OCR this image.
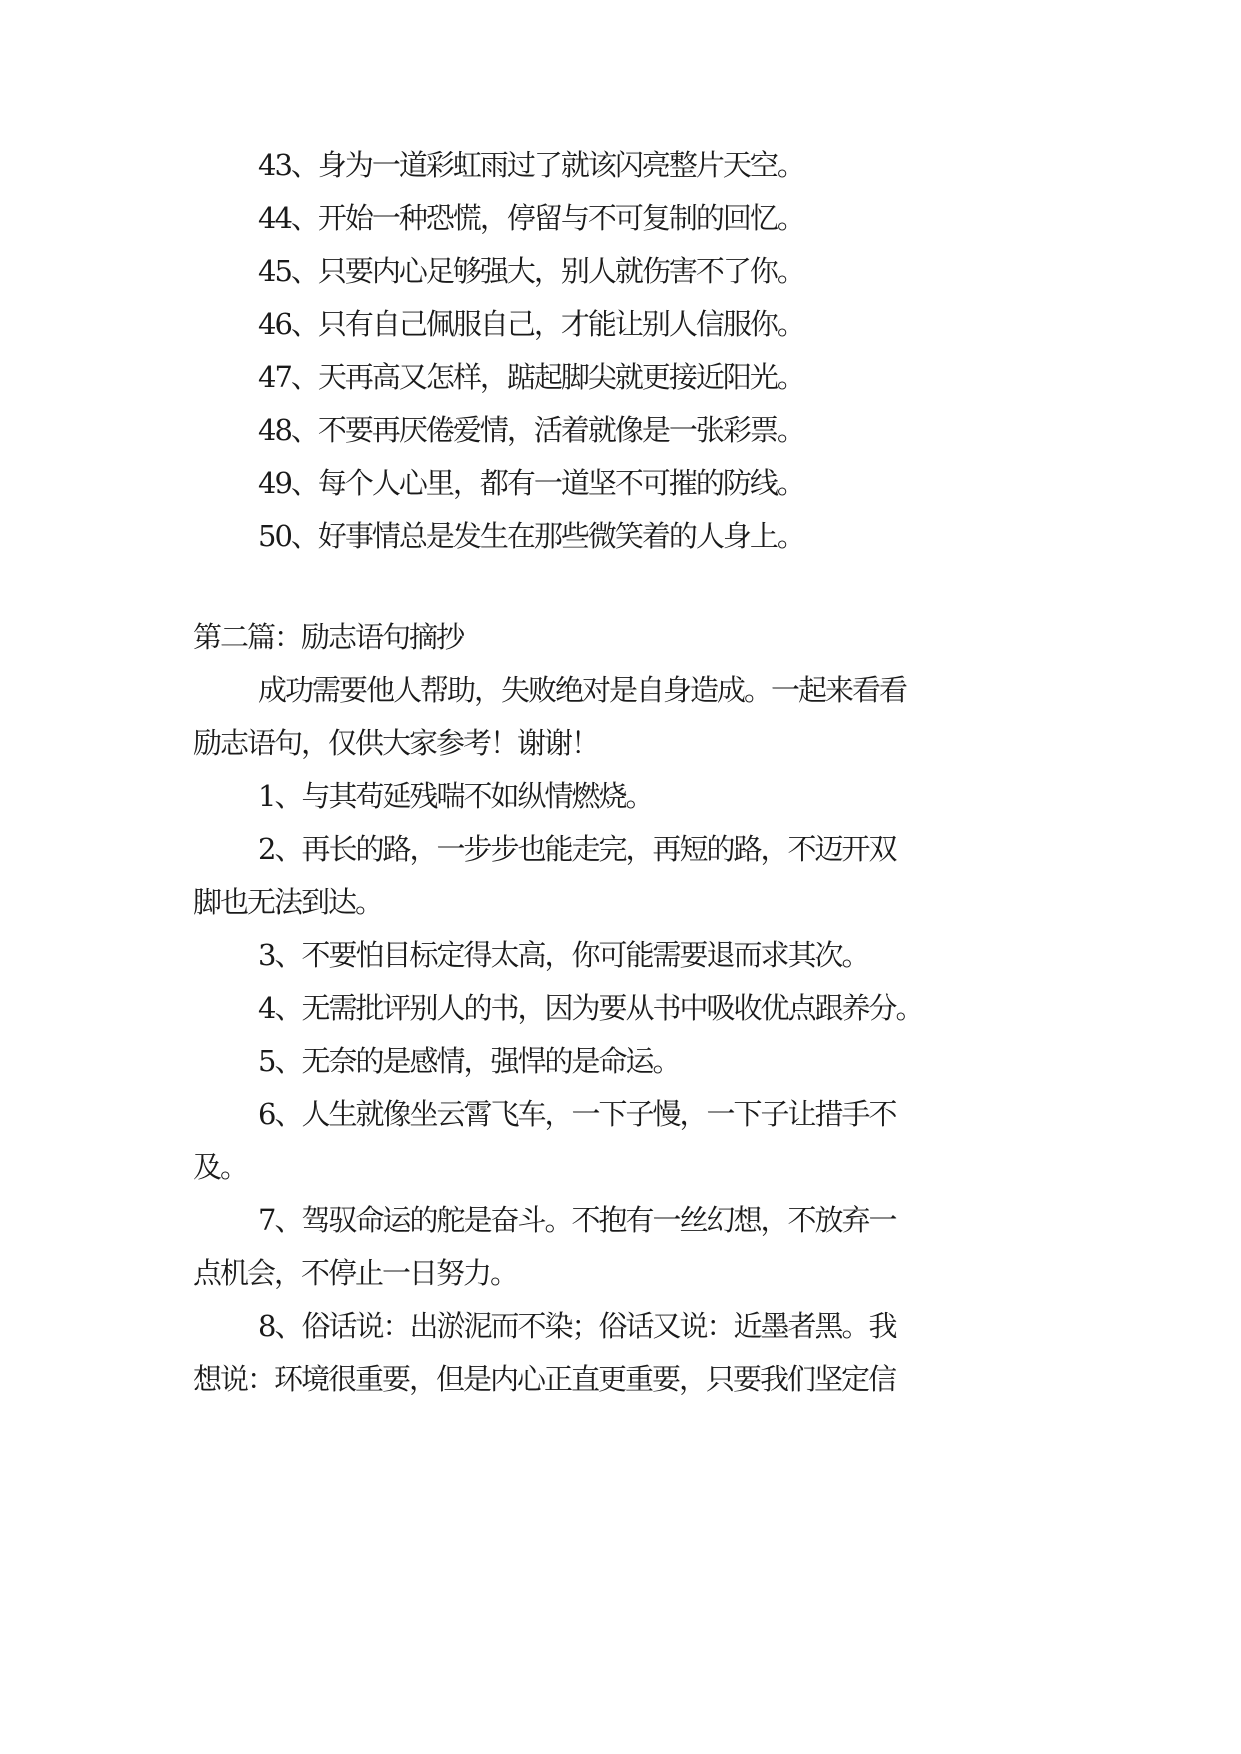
43、身为一道彩虹雨过了就该闪亮整片天空。
44、开始一种恐慌，停留与不可复制的回忆。
45、只要内心足够强大，别人就伤害不了你。
46、只有自己佩服自己，才能让别人信服你。
47、天再高又怎样，踮起脚尖就更接近阳光。
48、不要再厌倦爱情，活着就像是一张彩票。
49、每个人心里，都有一道坚不可摧的防线。
50、好事情总是发生在那些微笑着的人身上。
第二篇：励志语句摘抄
成功需要他人帮助，失败绝对是自身造成。一起来看看
励志语句，仅供大家参考！谢谢！
1、与其苟延残喘不如纵情燃烧。
2、再长的路，一步步也能走完，再短的路，不迈开双
脚也无法到达。
3、不要怕目标定得太高，你可能需要退而求其次。
4、无需批评别人的书，因为要从书中吸收优点跟养分。
5、无奈的是感情，强悍的是命运。
6、人生就像坐云霄飞车，一下子慢，一下子让措手不
及。
7、驾驭命运的舵是奋斗。不抱有一丝幻想，不放弃一
点机会，不停止一日努力。
8、俗话说：出淤泥而不染；俗话又说：近墨者黑。我
想说：环境很重要，但是内心正直更重要，只要我们坚定信
